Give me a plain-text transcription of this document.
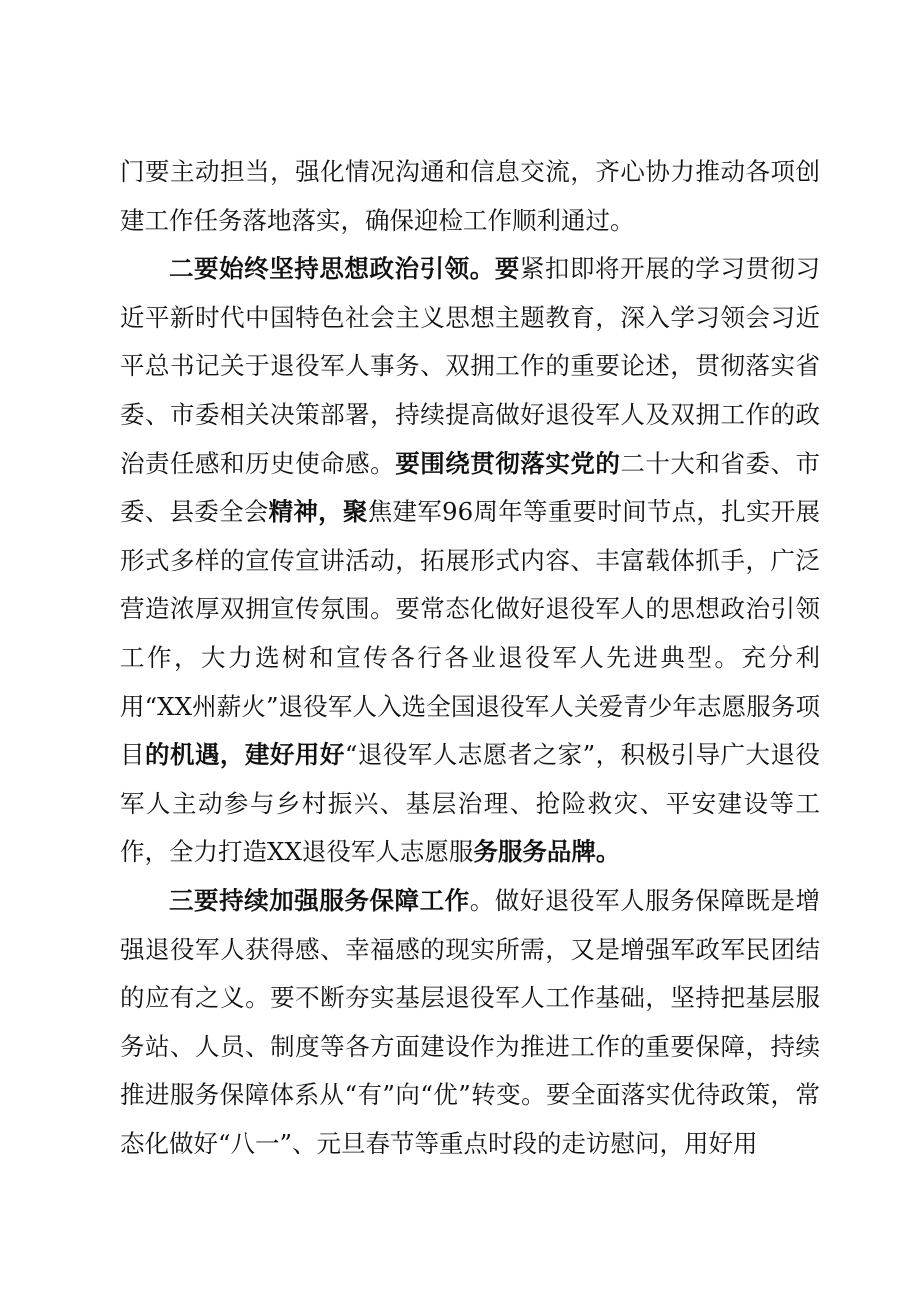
门要主动担当，强化情况沟通和信息交流，齐心协力推动各项创建工作任务落地落实，确保迎检工作顺利通过。

二要始终坚持思想政治引领。要紧扣即将开展的学习贯彻习近平新时代中国特色社会主义思想主题教育，深入学习领会习近平总书记关于退役军人事务、双拥工作的重要论述，贯彻落实省委、市委相关决策部署，持续提高做好退役军人及双拥工作的政治责任感和历史使命感。要围绕贯彻落实党的二十大和省委、市委、县委全会精神，聚焦建军96周年等重要时间节点，扎实开展形式多样的宣传宣讲活动，拓展形式内容、丰富载体抓手，广泛营造浓厚双拥宣传氛围。要常态化做好退役军人的思想政治引领工作，大力选树和宣传各行各业退役军人先进典型。充分利用“XX州薪火”退役军人入选全国退役军人关爱青少年志愿服务项目的机遇，建好用好“退役军人志愿者之家”，积极引导广大退役军人主动参与乡村振兴、基层治理、抢险救灾、平安建设等工作，全力打造XX退役军人志愿服务服务品牌。

三要持续加强服务保障工作。做好退役军人服务保障既是增强退役军人获得感、幸福感的现实所需，又是增强军政军民团结的应有之义。要不断夯实基层退役军人工作基础，坚持把基层服务站、人员、制度等各方面建设作为推进工作的重要保障，持续推进服务保障体系从“有”向“优”转变。要全面落实优待政策，常态化做好“八一”、元旦春节等重点时段的走访慰问，用好用
